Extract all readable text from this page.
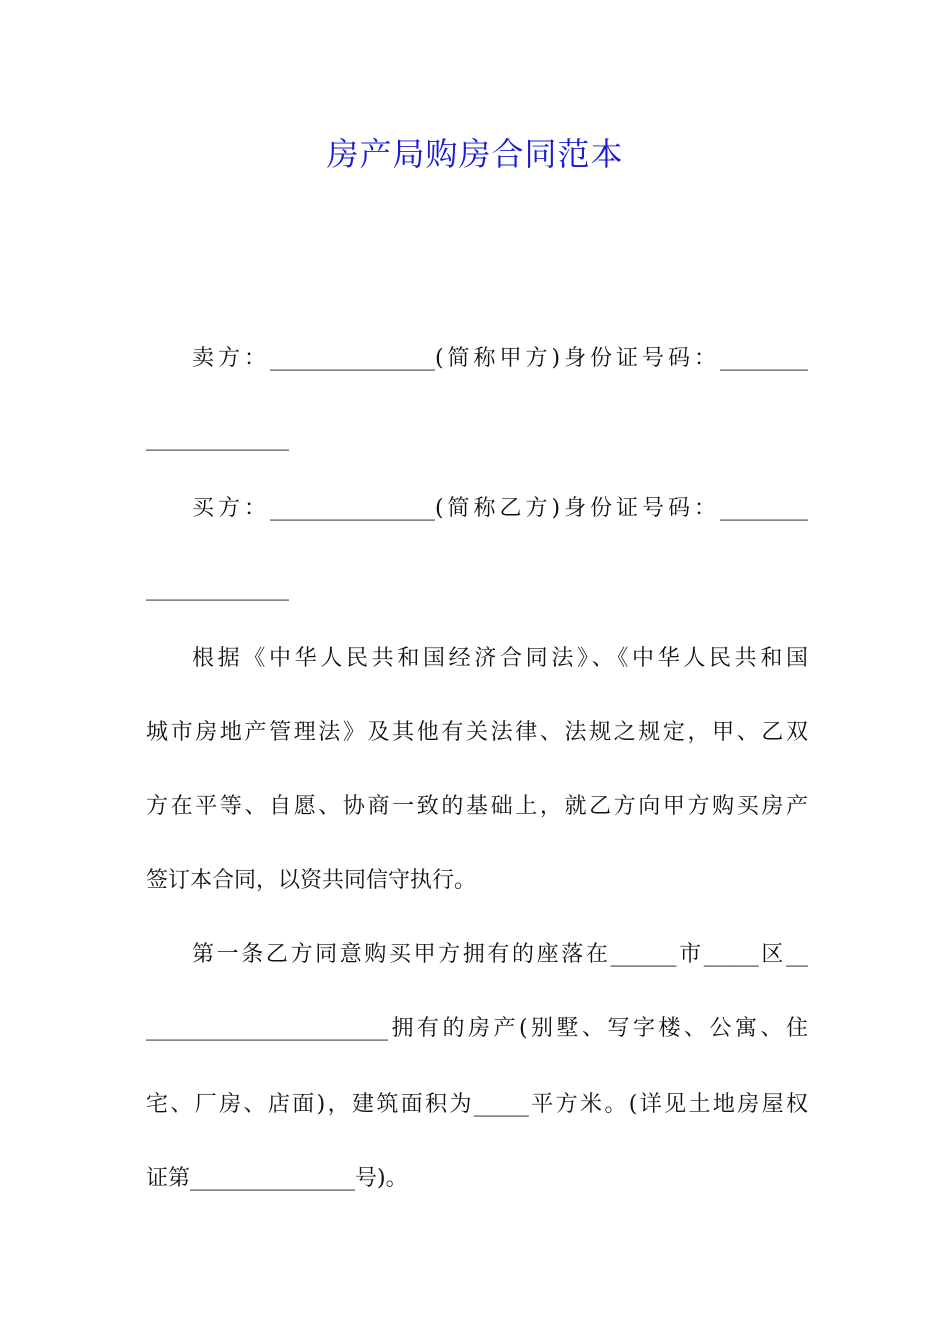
房产局购房合同范本
卖方：_______________(简称甲方)身份证号码：________
_____________
买方：_______________(简称乙方)身份证号码：________
_____________
根据《中华人民共和国经济合同法》、《中华人民共和国
城市房地产管理法》及其他有关法律、法规之规定，甲、乙双
方在平等、自愿、协商一致的基础上，就乙方向甲方购买房产
签订本合同，以资共同信守执行。
第一条乙方同意购买甲方拥有的座落在______市_____区__
______________________拥有的房产(别墅、写字楼、公寓、住
宅、厂房、店面)，建筑面积为_____平方米。(详见土地房屋权
证第_______________号)。
